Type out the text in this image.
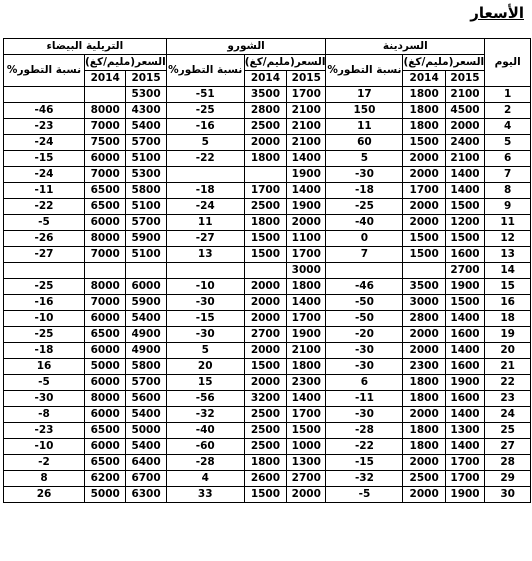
الأسعار
اليوم	السردينة			الشورو			التريلية البيضاء		
	السعر(مليم/كغ)		نسبة التطور%	السعر(مليم/كغ)		نسبة التطور%	السعر(مليم/كغ)		نسبة التطور%
	2015	2014		2015	2014		2015	2014	
1	2100	1800	17	1700	3500	51-	5300		
2	4500	1800	150	2100	2800	25-	4300	8000	46-
4	2000	1800	11	2100	2500	16-	5400	7000	23-
5	2400	1500	60	2100	2000	5	5700	7500	24-
6	2100	2000	5	1400	1800	22-	5100	6000	15-
7	1400	2000	30-	1900			5300	7000	24-
8	1400	1700	18-	1400	1700	18-	5800	6500	11-
9	1500	2000	25-	1900	2500	24-	5100	6500	22-
11	1200	2000	40-	2000	1800	11	5700	6000	5-
12	1500	1500	0	1100	1500	27-	5900	8000	26-
13	1600	1500	7	1700	1500	13	5100	7000	27-
14	2700			3000					
15	1900	3500	46-	1800	2000	10-	6000	8000	25-
16	1500	3000	50-	1400	2000	30-	5900	7000	16-
18	1400	2800	50-	1700	2000	15-	5400	6000	10-
19	1600	2000	20-	1900	2700	30-	4900	6500	25-
20	1400	2000	30-	2100	2000	5	4900	6000	18-
21	1600	2300	30-	1800	1500	20	5800	5000	16
22	1900	1800	6	2300	2000	15	5700	6000	5-
23	1600	1800	11-	1400	3200	56-	5600	8000	30-
24	1400	2000	30-	1700	2500	32-	5400	6000	8-
25	1300	1800	28-	1500	2500	40-	5000	6500	23-
27	1400	1800	22-	1000	2500	60-	5400	6000	10-
28	1700	2000	15-	1300	1800	28-	6400	6500	2-
29	1700	2500	32-	2700	2600	4	6700	6200	8
30	1900	2000	5-	2000	1500	33	6300	5000	26
